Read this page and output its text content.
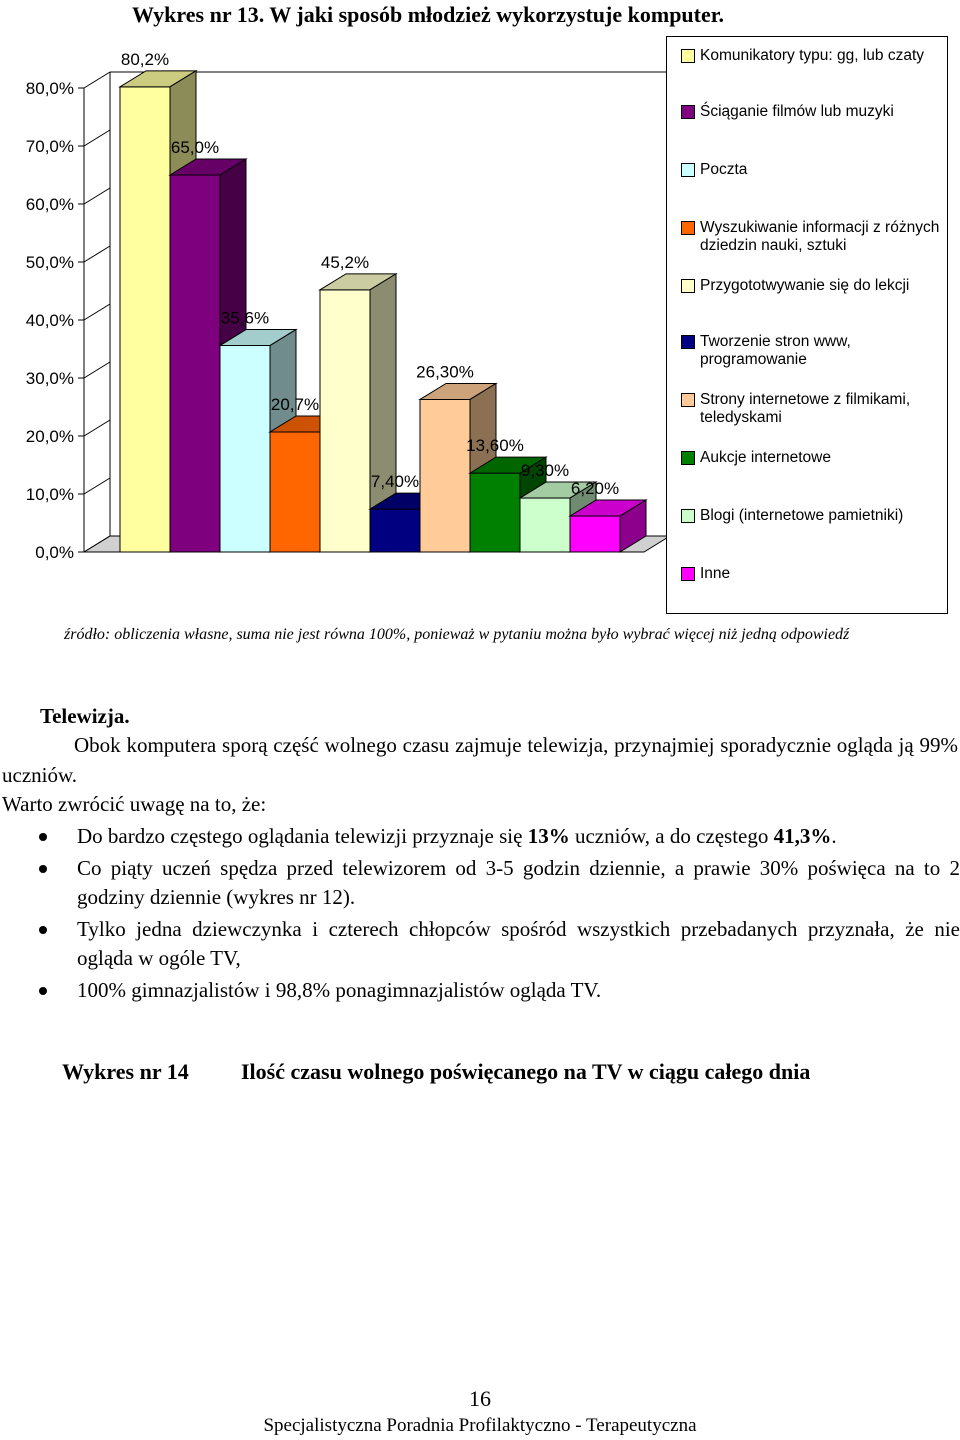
Wykres nr 13. W jaki sposób młodzież wykorzystuje komputer.
0,0%
10,0%
20,0%
30,0%
40,0%
50,0%
60,0%
70,0%
80,0%
80,2%
65,0%
35,6%
20,7%
45,2%
7,40%
26,30%
13,60%
9,30%
6,20%
Komunikatory typu: gg, lub czaty
Ściąganie filmów lub muzyki
Poczta
Wyszukiwanie informacji z różnych dziedzin nauki, sztuki
Przygototwywanie się do lekcji
Tworzenie stron www, programowanie
Strony internetowe z filmikami, teledyskami
Aukcje internetowe
Blogi (internetowe pamietniki)
Inne
źródło: obliczenia własne, suma nie jest równa 100%, ponieważ w pytaniu można było wybrać więcej niż jedną odpowiedź
Telewizja.

Obok komputera sporą część wolnego czasu zajmuje telewizja, przynajmiej sporadycznie ogląda ją 99% uczniów.

Warto zwrócić uwagę na to, że:

Do bardzo częstego oglądania telewizji przyznaje się 13% uczniów, a do częstego 41,3%.
Co piąty uczeń spędza przed telewizorem od 3-5 godzin dziennie, a prawie 30% poświęca na to 2 godziny dziennie (wykres nr 12).
Tylko jedna dziewczynka i czterech chłopców spośród wszystkich przebadanych przyznała, że nie ogląda w ogóle TV,
100% gimnazjalistów i 98,8% ponagimnazjalistów ogląda TV.
Wykres nr 14 Ilość czasu wolnego poświęcanego na TV w ciągu całego dnia
16
Specjalistyczna Poradnia Profilaktyczno - Terapeutyczna
